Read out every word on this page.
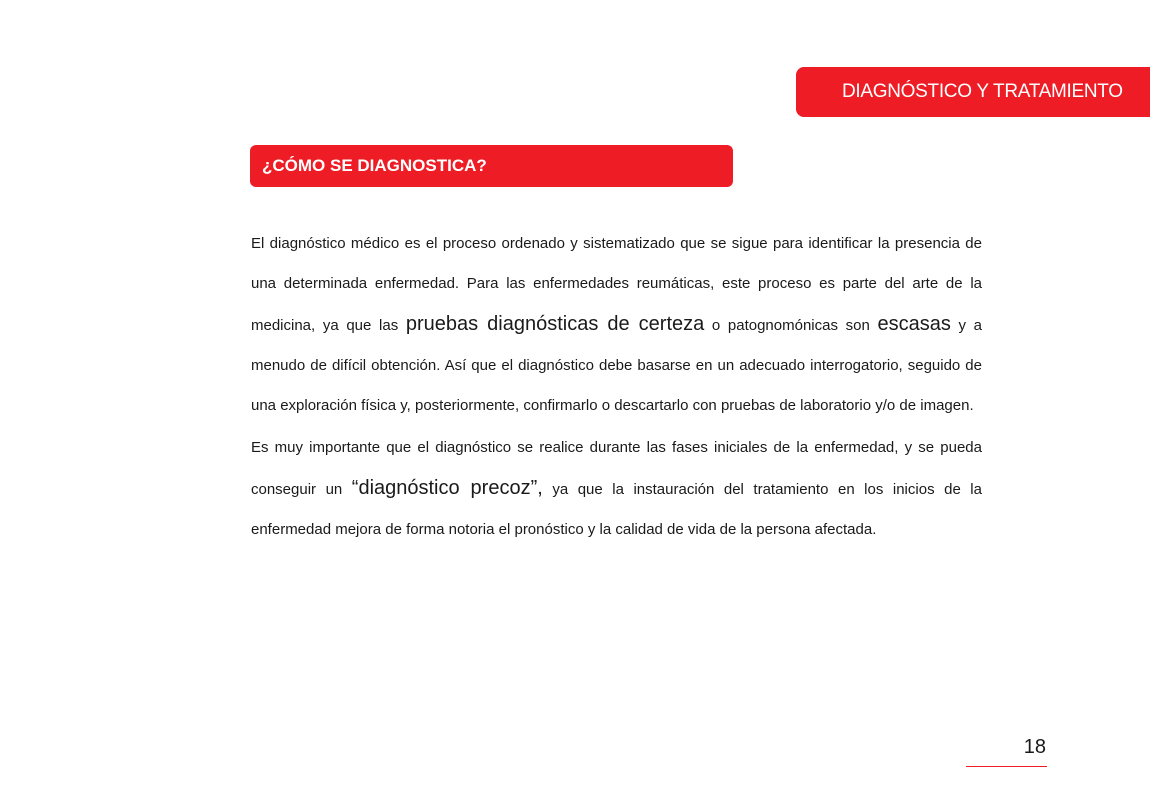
DIAGNÓSTICO Y TRATAMIENTO
¿CÓMO SE DIAGNOSTICA?

El diagnóstico médico es el proceso ordenado y sistematizado que se sigue para identificar la presencia de una determinada enfermedad. Para las enfermedades reumáticas, este proceso es parte del arte de la medicina, ya que las pruebas diagnósticas de certeza o patognomónicas son escasas y a menudo de difícil obtención. Así que el diagnóstico debe basarse en un adecuado interrogatorio, seguido de una exploración física y, posteriormente, confirmarlo o descartarlo con pruebas de laboratorio y/o de imagen.

Es muy importante que el diagnóstico se realice durante las fases iniciales de la enfermedad, y se pueda conseguir un “diagnóstico precoz”, ya que la instauración del tratamiento en los inicios de la enfermedad mejora de forma notoria el pronóstico y la calidad de vida de la persona afectada.

18
